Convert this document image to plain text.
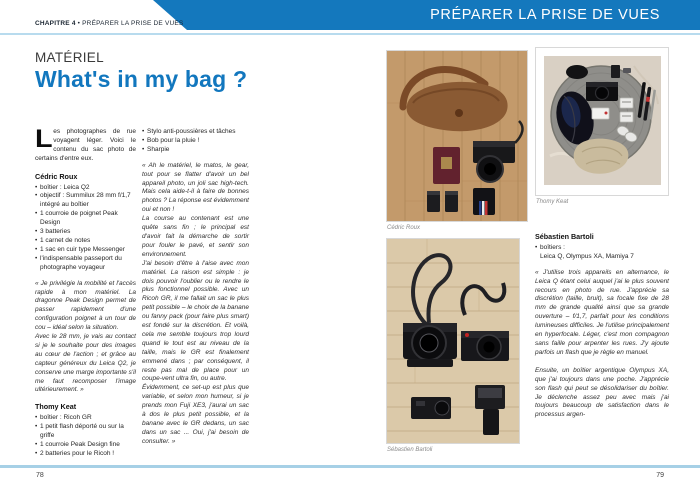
PRÉPARER LA PRISE DE VUES
CHAPITRE 4 • PRÉPARER LA PRISE DE VUES
MATÉRIEL
What's in my bag ?
Les photographes de rue voyagent léger. Voici le contenu du sac photo de certains d'entre eux.
Cédric Roux
• boîtier : Leica Q2
• objectif : Summilux 28 mm f/1,7 intégré au boîtier
• 1 courroie de poignet Peak Design
• 3 batteries
• 1 carnet de notes
• 1 sac en cuir type Messenger
• l'indispensable passeport du photographe voyageur

« Je privilégie la mobilité et l'accès rapide à mon matériel. La dragonne Peak Design permet de passer rapidement d'une configuration poignet à un tour de cou – idéal selon la situation.

Avec le 28 mm, je vais au contact si je le souhaite pour des images au cœur de l'action ; et grâce au capteur généreux du Leica Q2, je conserve une marge importante s'il me faut recomposer l'image ultérieurement. »

Thomy Keat
• boîtier : Ricoh GR
• 1 petit flash déporté ou sur la griffe
• 1 courroie Peak Design fine
• 2 batteries pour le Ricoh !
• Stylo anti-poussières et tâches
• Bob pour la pluie !
• Sharpie

« Ah le matériel, le matos, le gear, tout pour se flatter d'avoir un bel appareil photo, un joli sac high-tech. Mais cela aide-t-il à faire de bonnes photos ? La réponse est évidemment oui et non !

La course au contenant est une quête sans fin ; le principal est d'avoir fait la démarche de sortir pour fouler le pavé, et sentir son environnement.

J'ai besoin d'être à l'aise avec mon matériel. La raison est simple : je dois pouvoir l'oublier ou le rendre le plus fonctionnel possible. Avec un Ricoh GR, il me fallait un sac le plus petit possible – le choix de la banane ou fanny pack (pour faire plus smart) est fondé sur la discrétion. Et voilà, cela me semble toujours trop lourd quand le tout est au niveau de la taille, mais le GR est finalement emmené dans ; par conséquent, il reste pas mal de place pour un coupe-vent ultra fin, ou autre.

Évidemment, ce set-up est plus que variable, et selon mon humeur, si je prends mon Fuji XE3, j'aurai un sac à dos le plus petit possible, et la banane avec le GR dedans, un sac dans un sac ... Oui, j'ai besoin de consulter. »

Cédric Roux
Sébastien Bartoli
Thomy Keat
Sébastien Bartoli
• boîtiers :
Leica Q, Olympus XA, Mamiya 7

« J'utilise trois appareils en alternance, le Leica Q étant celui auquel j'ai le plus souvent recours en photo de rue. J'apprécie sa discrétion (taille, bruit), sa focale fixe de 28 mm de grande qualité ainsi que sa grande ouverture – f/1,7, parfait pour les conditions lumineuses difficiles. Je l'utilise principalement en hyperfocale. Léger, c'est mon compagnon sans faille pour arpenter les rues. J'y ajoute parfois un flash que je règle en manuel.

Ensuite, un boîtier argentique Olympus XA, que j'ai toujours dans une poche. J'apprécie son flash qui peut se désolidariser du boîtier. Je déclenche assez peu avec mais j'ai toujours beaucoup de satisfaction dans le processus argen-

78	79
